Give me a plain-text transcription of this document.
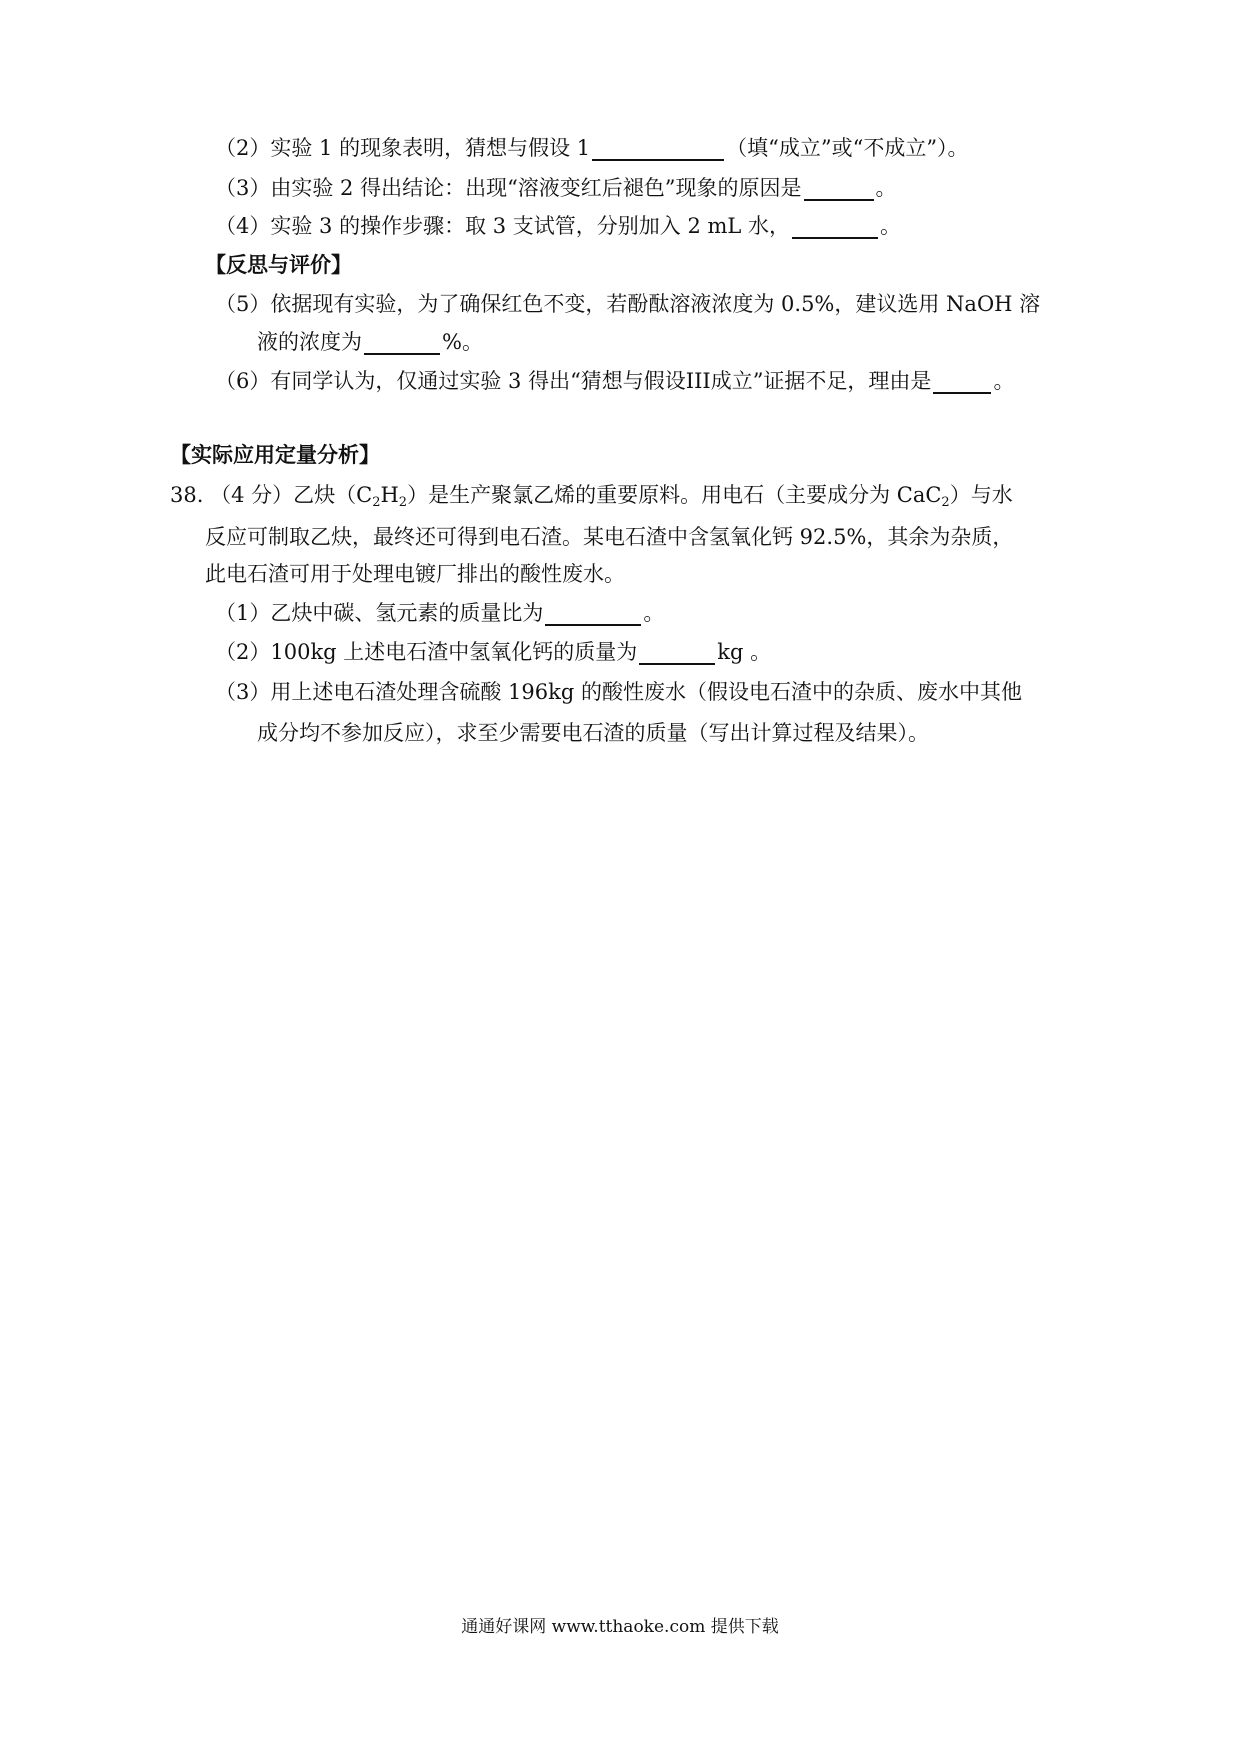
（2）实验 1 的现象表明，猜想与假设 1	（填“成立”或“不成立”）。
（3）由实验 2 得出结论：出现“溶液变红后褪色”现象的原因是	。
（4）实验 3 的操作步骤：取 3 支试管，分别加入 2 mL 水，	。
【反思与评价】
（5）依据现有实验，为了确保红色不变，若酚酞溶液浓度为 0.5%，建议选用 NaOH 溶
液的浓度为	%。
（6）有同学认为，仅通过实验 3 得出“猜想与假设III成立”证据不足，理由是	。
【实际应用定量分析】
38. （4 分）乙炔$(C_2H_2)$是生产聚氯乙烯的重要原料。用电石（主要成分为 CaC$_2$）与水
反应可制取乙炔，最终还可得到电石渣。某电石渣中含氢氧化钙 92.5%，其余为杂质，
此电石渣可用于处理电镀厂排出的酸性废水。
（1）乙炔中碳、氢元素的质量比为	。
（2）100kg 上述电石渣中氢氧化钙的质量为	kg 。
（3）用上述电石渣处理含硫酸 196kg 的酸性废水（假设电石渣中的杂质、废水中其他
成分均不参加反应），求至少需要电石渣的质量（写出计算过程及结果）。
通通好课网 www.tthaoke.com 提供下载
